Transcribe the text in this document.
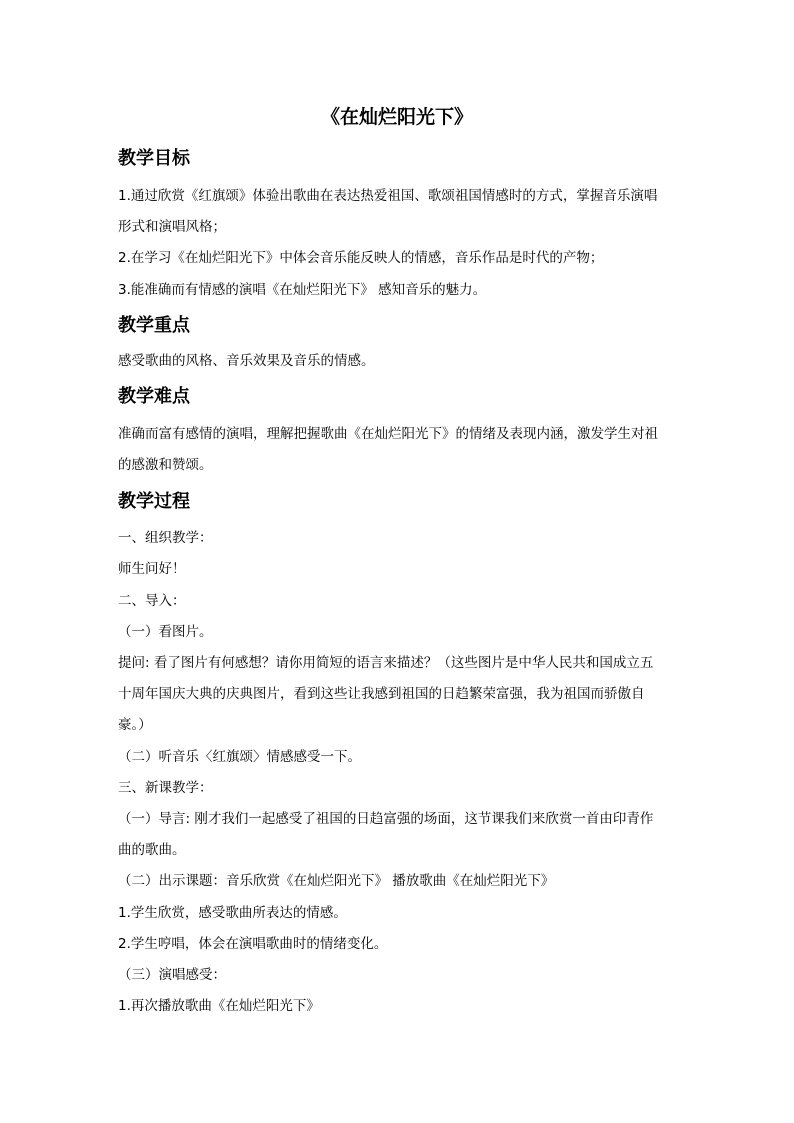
《在灿烂阳光下》
教学目标
1.通过欣赏《红旗颂》体验出歌曲在表达热爱祖国、歌颂祖国情感时的方式，掌握音乐演唱
形式和演唱风格；
2.在学习《在灿烂阳光下》中体会音乐能反映人的情感，音乐作品是时代的产物；
3.能准确而有情感的演唱《在灿烂阳光下》 感知音乐的魅力。
教学重点
感受歌曲的风格、音乐效果及音乐的情感。
教学难点
准确而富有感情的演唱，理解把握歌曲《在灿烂阳光下》的情绪及表现内涵，激发学生对祖
的感激和赞颂。
教学过程
一、组织教学：
师生问好！
二、导入：
（一）看图片。
提问: 看了图片有何感想？请你用简短的语言来描述？（这些图片是中华人民共和国成立五
十周年国庆大典的庆典图片，看到这些让我感到祖国的日趋繁荣富强，我为祖国而骄傲自
豪。）
（二）听音乐〈红旗颂〉情感感受一下。
三、新课教学：
（一）导言: 刚才我们一起感受了祖国的日趋富强的场面，这节课我们来欣赏一首由印青作
曲的歌曲。
（二）出示课题：音乐欣赏《在灿烂阳光下》 播放歌曲《在灿烂阳光下》
1.学生欣赏，感受歌曲所表达的情感。
2.学生哼唱，体会在演唱歌曲时的情绪变化。
（三）演唱感受：
1.再次播放歌曲《在灿烂阳光下》
